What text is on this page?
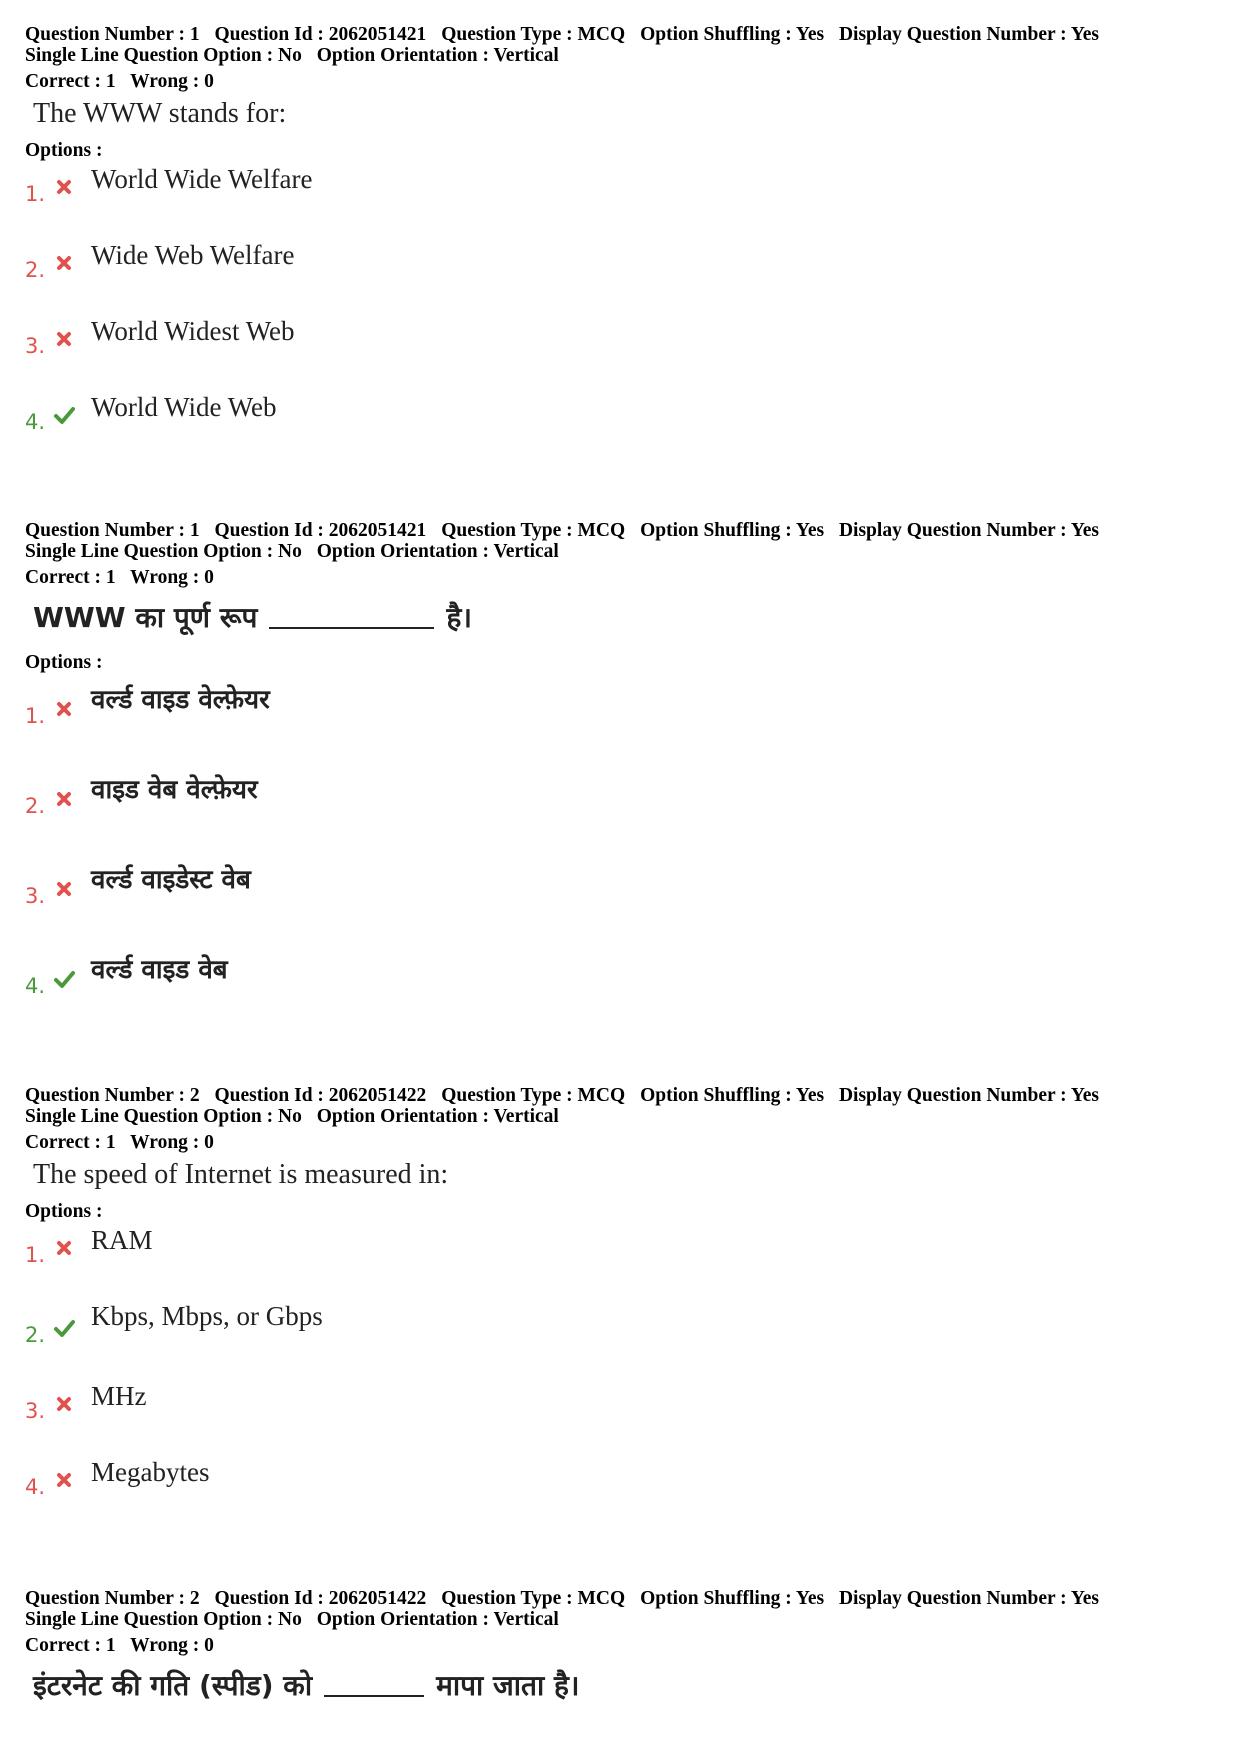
Question Number : 1 Question Id : 2062051421 Question Type : MCQ Option Shuffling : Yes Display Question Number : Yes
Single Line Question Option : No Option Orientation : Vertical
Correct : 1 Wrong : 0
The WWW stands for:
Options :
1. World Wide Welfare
2. Wide Web Welfare
3. World Widest Web
4. World Wide Web
Question Number : 1 Question Id : 2062051421 Question Type : MCQ Option Shuffling : Yes Display Question Number : Yes
Single Line Question Option : No Option Orientation : Vertical
Correct : 1 Wrong : 0
WWW का पूर्ण रूप	है।
Options :
1.
वर्ल्ड वाइड वेल्फ़ेयर
2.
वाइड वेब वेल्फ़ेयर
3.
वर्ल्ड वाइडेस्ट वेब
4.
वर्ल्ड वाइड वेब
Question Number : 2 Question Id : 2062051422 Question Type : MCQ Option Shuffling : Yes Display Question Number : Yes
Single Line Question Option : No Option Orientation : Vertical
Correct : 1 Wrong : 0
The speed of Internet is measured in:
Options :
1. RAM
2.
Kbps, Mbps, or Gbps
3. MHz
4. Megabytes
Question Number : 2 Question Id : 2062051422 Question Type : MCQ Option Shuffling : Yes Display Question Number : Yes
Single Line Question Option : No Option Orientation : Vertical
Correct : 1 Wrong : 0
इंटरनेट की गति (स्पीड) को	मापा जाता है।
